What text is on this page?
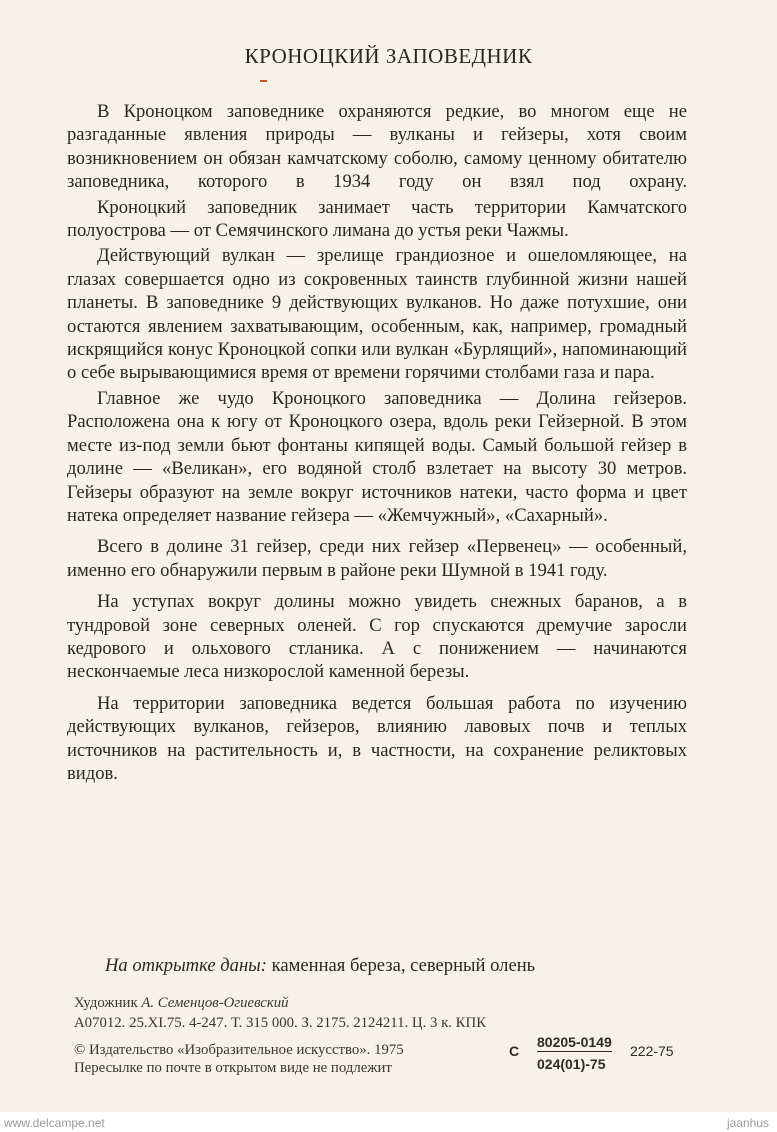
КРОНОЦКИЙ ЗАПОВЕДНИК

В Кроноцком заповеднике охраняются редкие, во многом еще не разгаданные явления природы — вулканы и гейзеры, хотя своим возникновением он обязан камчатскому соболю, самому ценному обитателю заповедника, которого в 1934 году он взял под охрану.

Кроноцкий заповедник занимает часть территории Камчатского полуострова — от Семячинского лимана до устья реки Чажмы.

Действующий вулкан — зрелище грандиозное и ошеломляющее, на глазах совершается одно из сокровенных таинств глубинной жизни нашей планеты. В заповеднике 9 действующих вулканов. Но даже потухшие, они остаются явлением захватывающим, особенным, как, например, громадный искрящийся конус Кроноцкой сопки или вулкан «Бурлящий», напоминающий о себе вырывающимися время от времени горячими столбами газа и пара.

Главное же чудо Кроноцкого заповедника — Долина гейзеров. Расположена она к югу от Кроноцкого озера, вдоль реки Гейзерной. В этом месте из-под земли бьют фонтаны кипящей воды. Самый большой гейзер в долине — «Великан», его водяной столб взлетает на высоту 30 метров. Гейзеры образуют на земле вокруг источников натеки, часто форма и цвет натека определяет название гейзера — «Жемчужный», «Сахарный».

Всего в долине 31 гейзер, среди них гейзер «Первенец» — особенный, именно его обнаружили первым в районе реки Шумной в 1941 году.

На уступах вокруг долины можно увидеть снежных баранов, а в тундровой зоне северных оленей. С гор спускаются дремучие заросли кедрового и ольхового стланика. А с понижением — начинаются нескончаемые леса низкорослой каменной березы.

На территории заповедника ведется большая работа по изучению действующих вулканов, гейзеров, влиянию лавовых почв и теплых источников на растительность и, в частности, на сохранение реликтовых видов.

На открытке даны: каменная береза, северный олень
Художник А. Семенцов-Огиевский
А07012. 25.XI.75. 4-247. Т. 315 000. З. 2175. 2124211. Ц. 3 к. КПК
© Издательство «Изобразительное искусство». 1975
Пересылке по почте в открытом виде не подлежит
С
80205-0149
024(01)-75
222-75
www.delcampe.net	jaanhus
